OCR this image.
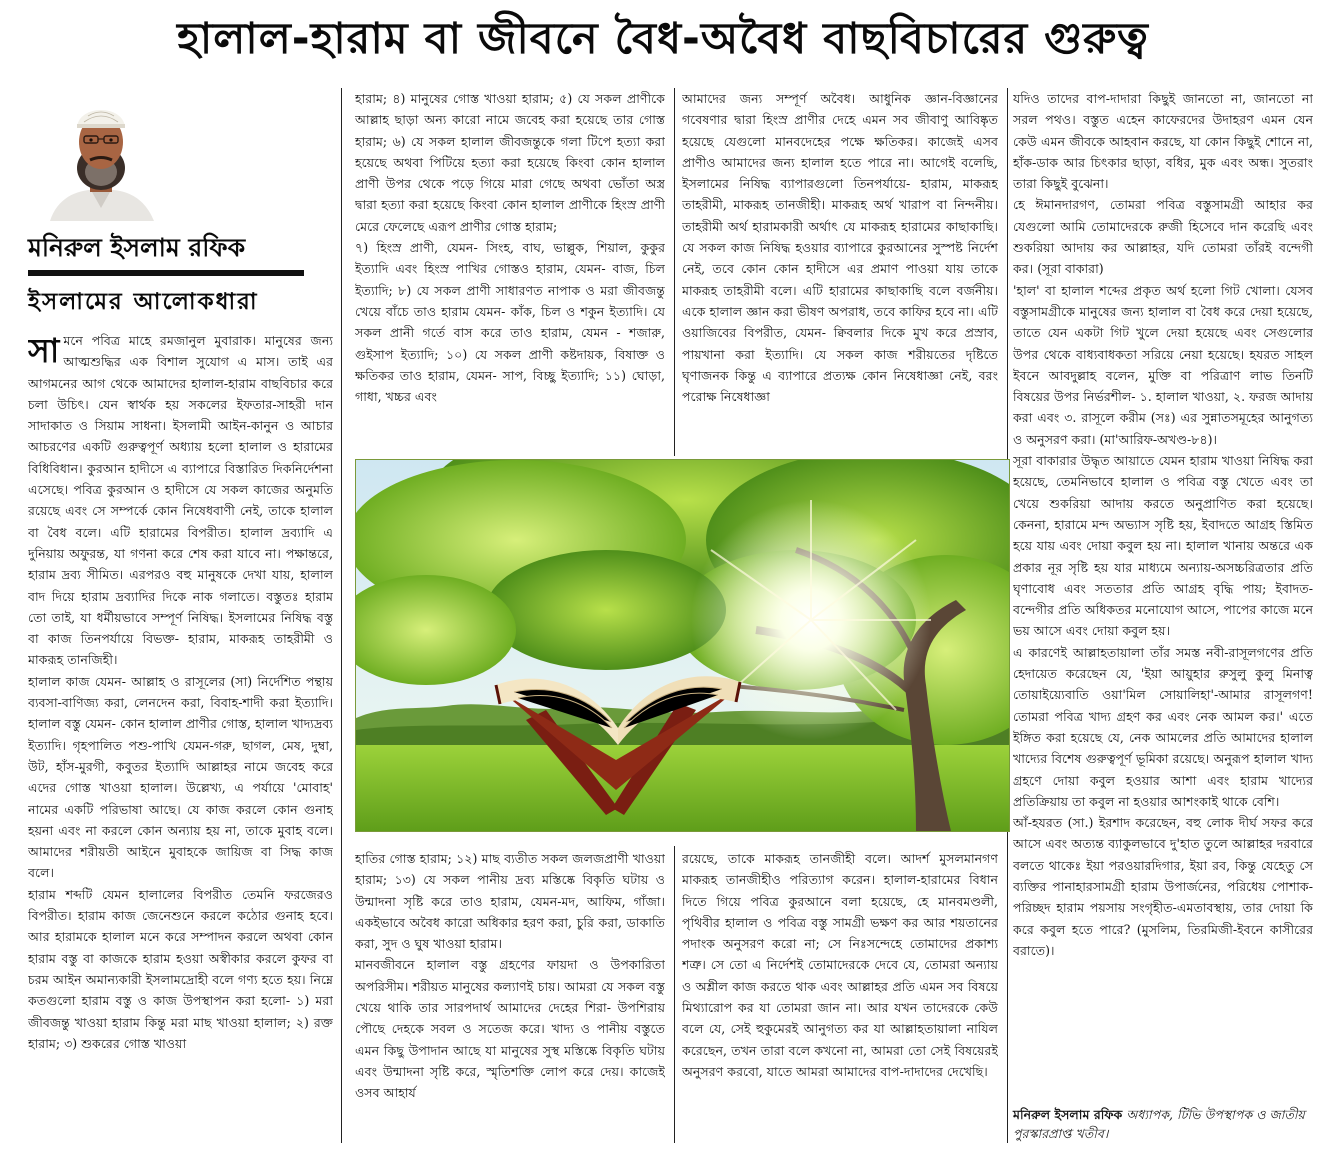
হালাল-হারাম বা জীবনে বৈধ-অবৈধ বাছবিচারের গুরুত্ব
মনিরুল ইসলাম রফিক
ইসলামের আলোকধারা

সামনে পবিত্র মাহে রমজানুল মুবারাক। মানুষের জন্য আত্মশুদ্ধির এক বিশাল সুযোগ এ মাস। তাই এর আগমনের আগ থেকে আমাদের হালাল-হারাম বাছবিচার করে চলা উচিৎ। যেন স্বার্থক হয় সকলের ইফতার-সাহরী দান সাদাকাত ও সিয়াম সাধনা। ইসলামী আইন-কানুন ও আচার আচরণের একটি গুরুত্বপূর্ণ অধ্যায় হলো হালাল ও হারামের বিধিবিধান। কুরআন হাদীসে এ ব্যাপারে বিস্তারিত দিকনির্দেশনা এসেছে। পবিত্র কুরআন ও হাদীসে যে সকল কাজের অনুমতি রয়েছে এবং সে সম্পর্কে কোন নিষেধবাণী নেই, তাকে হালাল বা বৈধ বলে। এটি হারামের বিপরীত। হালাল দ্রব্যাদি এ দুনিয়ায় অফুরন্ত, যা গণনা করে শেষ করা যাবে না। পক্ষান্তরে, হারাম দ্রব্য সীমিত। এরপরও বহু মানুষকে দেখা যায়, হালাল বাদ দিয়ে হারাম দ্রব্যাদির দিকে নাক গলাতে। বস্তুতঃ হারাম তো তাই, যা ধর্মীয়ভাবে সম্পূর্ণ নিষিদ্ধ। ইসলামের নিষিদ্ধ বস্তু বা কাজ তিনপর্যায়ে বিভক্ত- হারাম, মাকরূহ তাহরীমী ও মাকরূহ তানজিহী।

হালাল কাজ যেমন- আল্লাহ ও রাসূলের (সা) নির্দেশিত পন্থায় ব্যবসা-বাণিজ্য করা, লেনদেন করা, বিবাহ-শাদী করা ইত্যাদি। হালাল বস্তু যেমন- কোন হালাল প্রাণীর গোস্ত, হালাল খাদ্যদ্রব্য ইত্যাদি। গৃহপালিত পশু-পাখি যেমন-গরু, ছাগল, মেষ, দুম্বা, উট, হাঁস-মুরগী, কবুতর ইত্যাদি আল্লাহর নামে জবেহ করে এদের গোস্ত খাওয়া হালাল। উল্লেখ্য, এ পর্যায়ে 'মোবাহ' নামের একটি পরিভাষা আছে। যে কাজ করলে কোন গুনাহ হয়না এবং না করলে কোন অন্যায় হয় না, তাকে মুবাহ বলে। আমাদের শরীয়তী আইনে মুবাহকে জায়িজ বা সিদ্ধ কাজ বলে।

হারাম শব্দটি যেমন হালালের বিপরীত তেমনি ফরজেরও বিপরীত। হারাম কাজ জেনেশুনে করলে কঠোর গুনাহ হবে। আর হারামকে হালাল মনে করে সম্পাদন করলে অথবা কোন হারাম বস্তু বা কাজকে হারাম হওয়া অস্বীকার করলে কুফর বা চরম আইন অমান্যকারী ইসলামদ্রোহী বলে গণ্য হতে হয়। নিম্নে কতগুলো হারাম বস্তু ও কাজ উপস্থাপন করা হলো- ১) মরা জীবজন্তু খাওয়া হারাম কিন্তু মরা মাছ খাওয়া হালাল; ২) রক্ত হারাম; ৩) শুকরের গোস্ত খাওয়া

হারাম; ৪) মানুষের গোস্ত খাওয়া হারাম; ৫) যে সকল প্রাণীকে আল্লাহ ছাড়া অন্য কারো নামে জবেহ করা হয়েছে তার গোস্ত হারাম; ৬) যে সকল হালাল জীবজন্তুকে গলা টিপে হত্যা করা হয়েছে অথবা পিটিয়ে হত্যা করা হয়েছে কিংবা কোন হালাল প্রাণী উপর থেকে পড়ে গিয়ে মারা গেছে অথবা ভোঁতা অস্ত্র দ্বারা হত্যা করা হয়েছে কিংবা কোন হালাল প্রাণীকে হিংস্র প্রাণী মেরে ফেলেছে এরূপ প্রাণীর গোস্ত হারাম;

৭) হিংস্র প্রাণী, যেমন- সিংহ, বাঘ, ভাল্লুক, শিয়াল, কুকুর ইত্যাদি এবং হিংস্র পাখির গোস্তও হারাম, যেমন- বাজ, চিল ইত্যাদি; ৮) যে সকল প্রাণী সাধারণত নাপাক ও মরা জীবজন্তু খেয়ে বাঁচে তাও হারাম যেমন- কাঁক, চিল ও শকুন ইত্যাদি। যে সকল প্রানী গর্তে বাস করে তাও হারাম, যেমন - শজারু, গুইসাপ ইত্যাদি; ১০) যে সকল প্রাণী কষ্টদায়ক, বিষাক্ত ও ক্ষতিকর তাও হারাম, যেমন- সাপ, বিচ্ছু ইত্যাদি; ১১) ঘোড়া, গাধা, খচ্চর এবং

আমাদের জন্য সম্পূর্ণ অবৈধ। আধুনিক জ্ঞান-বিজ্ঞানের গবেষণার দ্বারা হিংস্র প্রাণীর দেহে এমন সব জীবাণু আবিষ্কৃত হয়েছে যেগুলো মানবদেহের পক্ষে ক্ষতিকর। কাজেই এসব প্রাণীও আমাদের জন্য হালাল হতে পারে না। আগেই বলেছি, ইসলামের নিষিদ্ধ ব্যাপারগুলো তিনপর্যায়ে- হারাম, মাকরূহ তাহরীমী, মাকরূহ তানজীহী। মাকরূহ অর্থ খারাপ বা নিন্দনীয়। তাহরীমী অর্থ হারামকারী অর্থাৎ যে মাকরূহ হারামের কাছাকাছি। যে সকল কাজ নিষিদ্ধ হওয়ার ব্যাপারে কুরআনের সুস্পষ্ট নির্দেশ নেই, তবে কোন কোন হাদীসে এর প্রমাণ পাওয়া যায় তাকে মাকরূহ তাহরীমী বলে। এটি হারামের কাছাকাছি বলে বর্জনীয়। একে হালাল জ্ঞান করা ভীষণ অপরাধ, তবে কাফির হবে না। এটি ওয়াজিবের বিপরীত, যেমন- ক্বিবলার দিকে মুখ করে প্রস্রাব, পায়খানা করা ইত্যাদি। যে সকল কাজ শরীয়তের দৃষ্টিতে ঘৃণাজনক কিন্তু এ ব্যাপারে প্রত্যক্ষ কোন নিষেধাজ্ঞা নেই, বরং পরোক্ষ নিষেধাজ্ঞা

হাতির গোস্ত হারাম; ১২) মাছ ব্যতীত সকল জলজপ্রাণী খাওয়া হারাম; ১৩) যে সকল পানীয় দ্রব্য মস্তিষ্কে বিকৃতি ঘটায় ও উন্মাদনা সৃষ্টি করে তাও হারাম, যেমন-মদ, আফিম, গাঁজা। একইভাবে অবৈধ কারো অধিকার হরণ করা, চুরি করা, ডাকাতি করা, সুদ ও ঘুষ খাওয়া হারাম।

মানবজীবনে হালাল বস্তু গ্রহণের ফায়দা ও উপকারিতা অপরিসীম। শরীয়ত মানুষের কল্যাণই চায়। আমরা যে সকল বস্তু খেয়ে থাকি তার সারপদার্থ আমাদের দেহের শিরা- উপশিরায় পৌছে দেহকে সবল ও সতেজ করে। খাদ্য ও পানীয় বস্তুতে এমন কিছু উপাদান আছে যা মানুষের সুস্থ মস্তিষ্কে বিকৃতি ঘটায় এবং উন্মাদনা সৃষ্টি করে, স্মৃতিশক্তি লোপ করে দেয়। কাজেই ওসব আহার্য

রয়েছে, তাকে মাকরূহ তানজীহী বলে। আদর্শ মুসলমানগণ মাকরূহ তানজীহীও পরিত্যাগ করেন। হালাল-হারামের বিধান দিতে গিয়ে পবিত্র কুরআনে বলা হয়েছে, হে মানবমণ্ডলী, পৃথিবীর হালাল ও পবিত্র বস্তু সামগ্রী ভক্ষণ কর আর শয়তানের পদাংক অনুসরণ করো না; সে নিঃসন্দেহে তোমাদের প্রকাশ্য শত্রু। সে তো এ নির্দেশই তোমাদেরকে দেবে যে, তোমরা অন্যায় ও অশ্লীল কাজ করতে থাক এবং আল্লাহর প্রতি এমন সব বিষয়ে মিথ্যারোপ কর যা তোমরা জান না। আর যখন তাদেরকে কেউ বলে যে, সেই হুকুমেরই আনুগত্য কর যা আল্লাহতায়ালা নাযিল করেছেন, তখন তারা বলে কখনো না, আমরা তো সেই বিষয়েরই অনুসরণ করবো, যাতে আমরা আমাদের বাপ-দাদাদের দেখেছি।

যদিও তাদের বাপ-দাদারা কিছুই জানতো না, জানতো না সরল পথও। বস্তুত এহেন কাফেরদের উদাহরণ এমন যেন কেউ এমন জীবকে আহবান করছে, যা কোন কিছুই শোনে না, হাঁক-ডাক আর চিৎকার ছাড়া, বধির, মুক এবং অন্ধ। সুতরাং তারা কিছুই বুঝেনা।

হে ঈমানদারগণ, তোমরা পবিত্র বস্তুসামগ্রী আহার কর যেগুলো আমি তোমাদেরকে রুজী হিসেবে দান করেছি এবং শুকরিয়া আদায় কর আল্লাহর, যদি তোমরা তাঁরই বন্দেগী কর। (সূরা বাকারা)

'হাল' বা হালাল শব্দের প্রকৃত অর্থ হলো গিট খোলা। যেসব বস্তুসামগ্রীকে মানুষের জন্য হালাল বা বৈধ করে দেয়া হয়েছে, তাতে যেন একটা গিট খুলে দেয়া হয়েছে এবং সেগুলোর উপর থেকে বাধ্যবাধকতা সরিয়ে নেয়া হয়েছে। হযরত সাহল ইবনে আবদুল্লাহ বলেন, মুক্তি বা পরিত্রাণ লাভ তিনটি বিষয়ের উপর নির্ভরশীল- ১. হালাল খাওয়া, ২. ফরজ আদায় করা এবং ৩. রাসূলে করীম (সঃ) এর সুন্নাতসমূহের আনুগত্য ও অনুসরণ করা। (মা'আরিফ-অখণ্ড-৮৪)।

সূরা বাকারার উদ্ধৃত আয়াতে যেমন হারাম খাওয়া নিষিদ্ধ করা হয়েছে, তেমনিভাবে হালাল ও পবিত্র বস্তু খেতে এবং তা খেয়ে শুকরিয়া আদায় করতে অনুপ্রাণিত করা হয়েছে। কেননা, হারামে মন্দ অভ্যাস সৃষ্টি হয়, ইবাদতে আগ্রহ স্তিমিত হয়ে যায় এবং দোয়া কবুল হয় না। হালাল খানায় অন্তরে এক প্রকার নূর সৃষ্টি হয় যার মাধ্যমে অন্যায়-অসচ্চরিত্রতার প্রতি ঘৃণাবোধ এবং সততার প্রতি আগ্রহ বৃদ্ধি পায়; ইবাদত-বন্দেগীর প্রতি অধিকতর মনোযোগ আসে, পাপের কাজে মনে ভয় আসে এবং দোয়া কবুল হয়।

এ কারণেই আল্লাহতায়ালা তাঁর সমস্ত নবী-রাসূলগণের প্রতি হেদায়েত করেছেন যে, 'ইয়া আয়ুহার রুসুলু কুলু মিনাত্ব তোয়াইয়্যেবাতি ওয়া'মিল সোয়ালিহা'-আমার রাসূলগণ! তোমরা পবিত্র খাদ্য গ্রহণ কর এবং নেক আমল কর।' এতে ইঙ্গিত করা হয়েছে যে, নেক আমলের প্রতি আমাদের হালাল খাদ্যের বিশেষ গুরুত্বপূর্ণ ভূমিকা রয়েছে। অনুরূপ হালাল খাদ্য গ্রহণে দোয়া কবুল হওয়ার আশা এবং হারাম খাদ্যের প্রতিক্রিয়ায় তা কবুল না হওয়ার আশংকাই থাকে বেশি।

আঁ-হযরত (সা.) ইরশাদ করেছেন, বহু লোক দীর্ঘ সফর করে আসে এবং অত্যন্ত ব্যাকুলভাবে দু'হাত তুলে আল্লাহর দরবারে বলতে থাকেঃ ইয়া পরওয়ারদিগার, ইয়া রব, কিন্তু যেহেতু সে ব্যক্তির পানাহারসামগ্রী হারাম উপার্জনের, পরিধেয় পোশাক-পরিচ্ছদ হারাম পয়সায় সংগৃহীত-এমতাবস্থায়, তার দোয়া কি করে কবুল হতে পারে? (মুসলিম, তিরমিজী-ইবনে কাসীরের বরাতে)।

মনিরুল ইসলাম রফিক অধ্যাপক, টিভি উপস্থাপক ও জাতীয় পুরস্কারপ্রাপ্ত খতীব।
